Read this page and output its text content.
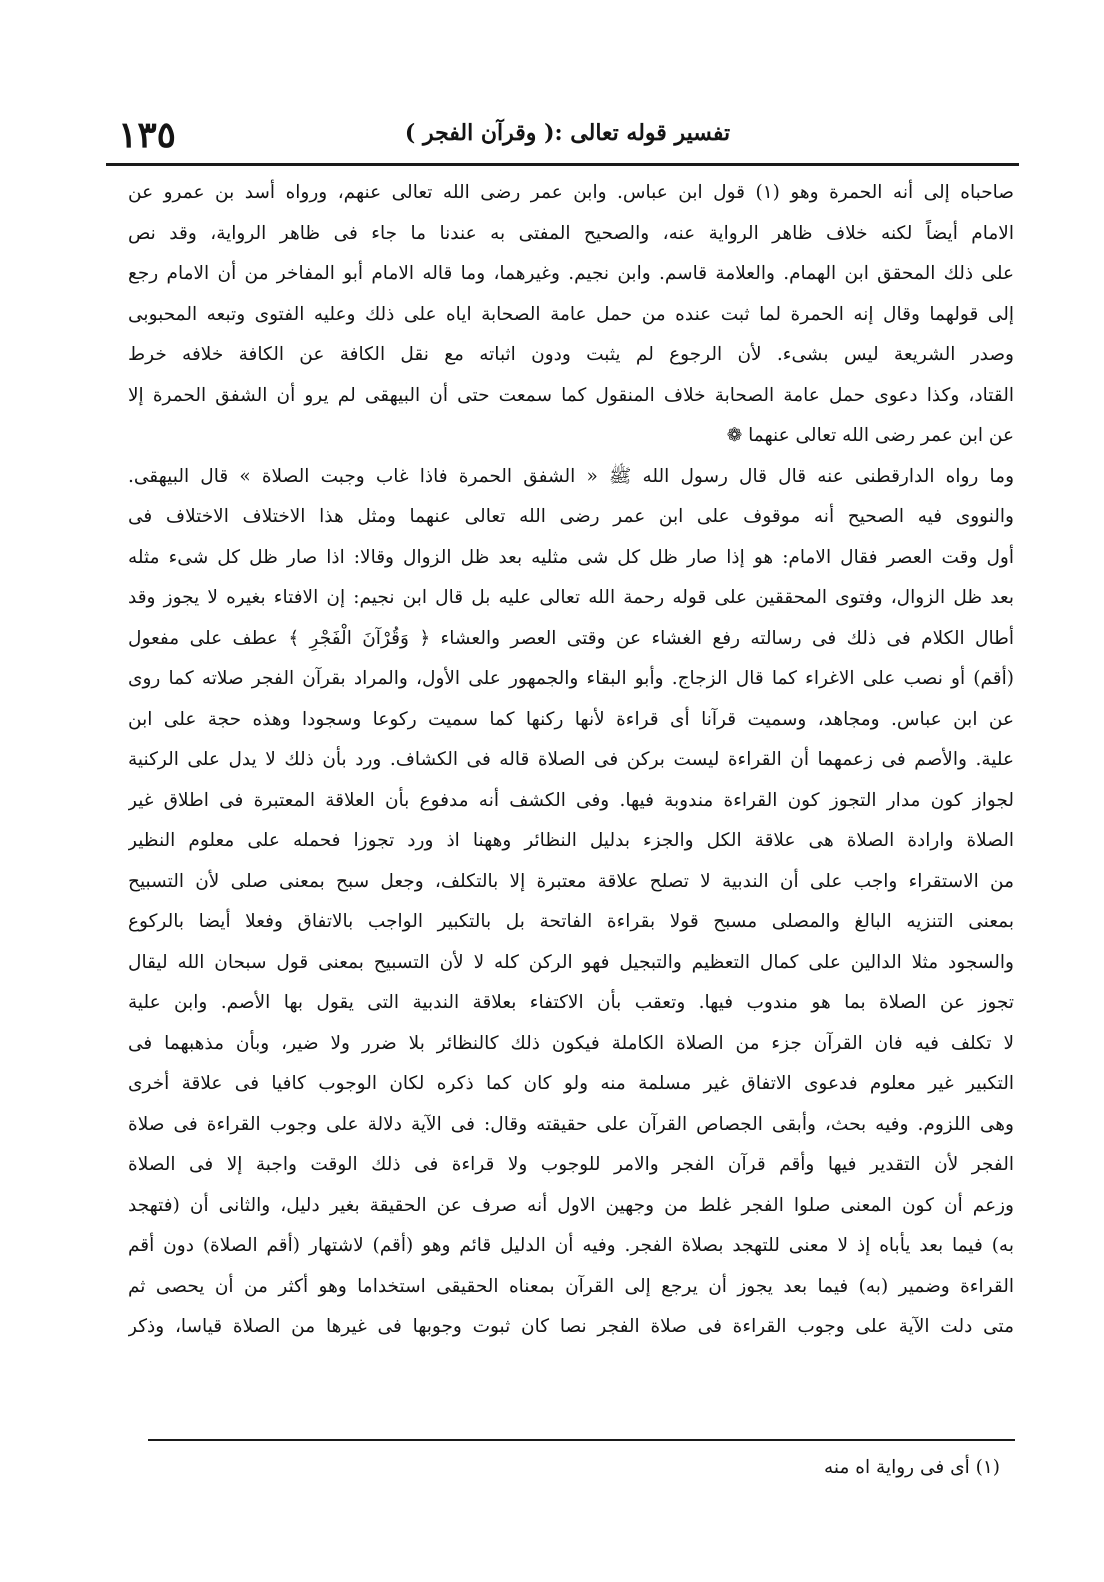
١٣٥	تفسير قوله تعالى :( وقرآن الفجر )
صاحباه إلى أنه الحمرة وهو (١) قول ابن عباس. وابن عمر رضى الله تعالى عنهم، ورواه أسد بن عمرو عن
الامام أيضاً لكنه خلاف ظاهر الرواية عنه، والصحيح المفتى به عندنا ما جاء فى ظاهر الرواية، وقد نص
على ذلك المحقق ابن الهمام. والعلامة قاسم. وابن نجيم. وغيرهما، وما قاله الامام أبو المفاخر من أن الامام رجع
إلى قولهما وقال إنه الحمرة لما ثبت عنده من حمل عامة الصحابة اياه على ذلك وعليه الفتوى وتبعه المحبوبى
وصدر الشريعة ليس بشىء. لأن الرجوع لم يثبت ودون اثباته مع نقل الكافة عن الكافة خلافه خرط
القتاد، وكذا دعوى حمل عامة الصحابة خلاف المنقول كما سمعت حتى أن البيهقى لم يرو أن الشفق الحمرة إلا
عن ابن عمر رضى الله تعالى عنهما ❁
وما رواه الدارقطنى عنه قال قال رسول الله ﷺ « الشفق الحمرة فاذا غاب وجبت الصلاة » قال البيهقى.
والنووى فيه الصحيح أنه موقوف على ابن عمر رضى الله تعالى عنهما ومثل هذا الاختلاف الاختلاف فى
أول وقت العصر فقال الامام: هو إذا صار ظل كل شى مثليه بعد ظل الزوال وقالا: اذا صار ظل كل شىء مثله
بعد ظل الزوال، وفتوى المحققين على قوله رحمة الله تعالى عليه بل قال ابن نجيم: إن الافتاء بغيره لا يجوز وقد
أطال الكلام فى ذلك فى رسالته رفع الغشاء عن وقتى العصر والعشاء ﴿ وَقُرْآنَ الْفَجْرِ ﴾ عطف على مفعول
(أقم) أو نصب على الاغراء كما قال الزجاج. وأبو البقاء والجمهور على الأول، والمراد بقرآن الفجر صلاته كما روى
عن ابن عباس. ومجاهد، وسميت قرآنا أى قراءة لأنها ركنها كما سميت ركوعا وسجودا وهذه حجة على ابن
علية. والأصم فى زعمهما أن القراءة ليست بركن فى الصلاة قاله فى الكشاف. ورد بأن ذلك لا يدل على الركنية
لجواز كون مدار التجوز كون القراءة مندوبة فيها. وفى الكشف أنه مدفوع بأن العلاقة المعتبرة فى اطلاق غير
الصلاة وارادة الصلاة هى علاقة الكل والجزء بدليل النظائر وههنا اذ ورد تجوزا فحمله على معلوم النظير
من الاستقراء واجب على أن الندبية لا تصلح علاقة معتبرة إلا بالتكلف، وجعل سبح بمعنى صلى لأن التسبيح
بمعنى التنزيه البالغ والمصلى مسبح قولا بقراءة الفاتحة بل بالتكبير الواجب بالاتفاق وفعلا أيضا بالركوع
والسجود مثلا الدالين على كمال التعظيم والتبجيل فهو الركن كله لا لأن التسبيح بمعنى قول سبحان الله ليقال
تجوز عن الصلاة بما هو مندوب فيها. وتعقب بأن الاكتفاء بعلاقة الندبية التى يقول بها الأصم. وابن علية
لا تكلف فيه فان القرآن جزء من الصلاة الكاملة فيكون ذلك كالنظائر بلا ضرر ولا ضير، وبأن مذهبهما فى
التكبير غير معلوم فدعوى الاتفاق غير مسلمة منه ولو كان كما ذكره لكان الوجوب كافيا فى علاقة أخرى
وهى اللزوم. وفيه بحث، وأبقى الجصاص القرآن على حقيقته وقال: فى الآية دلالة على وجوب القراءة فى صلاة
الفجر لأن التقدير فيها وأقم قرآن الفجر والامر للوجوب ولا قراءة فى ذلك الوقت واجبة إلا فى الصلاة
وزعم أن كون المعنى صلوا الفجر غلط من وجهين الاول أنه صرف عن الحقيقة بغير دليل، والثانى أن (فتهجد
به) فيما بعد يأباه إذ لا معنى للتهجد بصلاة الفجر. وفيه أن الدليل قائم وهو (أقم) لاشتهار (أقم الصلاة) دون أقم
القراءة وضمير (به) فيما بعد يجوز أن يرجع إلى القرآن بمعناه الحقيقى استخداما وهو أكثر من أن يحصى ثم
متى دلت الآية على وجوب القراءة فى صلاة الفجر نصا كان ثبوت وجوبها فى غيرها من الصلاة قياسا، وذكر
(١) أى فى رواية اه منه
